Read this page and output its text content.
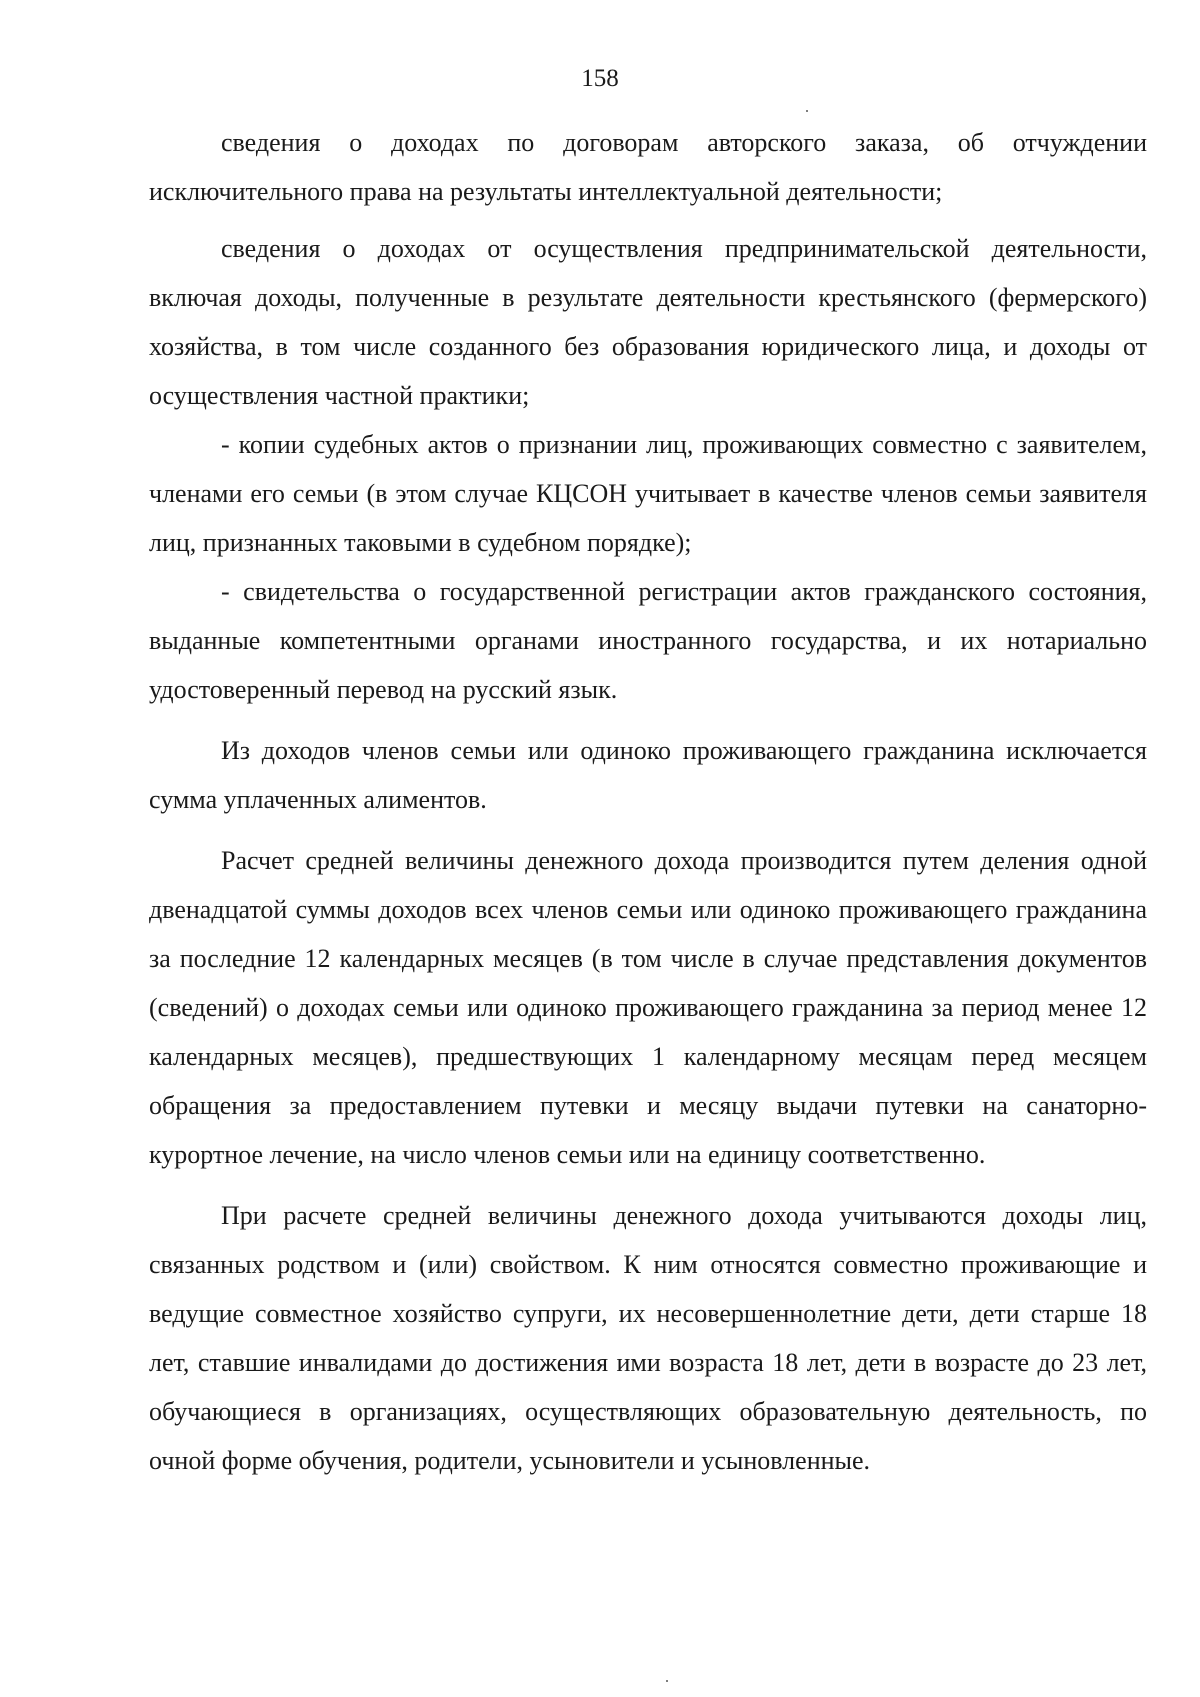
158

сведения о доходах по договорам авторского заказа, об отчуждении исключительного права на результаты интеллектуальной деятельности;

сведения о доходах от осуществления предпринимательской деятельности, включая доходы, полученные в результате деятельности крестьянского (фермерского) хозяйства, в том числе созданного без образования юридического лица, и доходы от осуществления частной практики;

- копии судебных актов о признании лиц, проживающих совместно с заявителем, членами его семьи (в этом случае КЦСОН учитывает в качестве членов семьи заявителя лиц, признанных таковыми в судебном порядке);

- свидетельства о государственной регистрации актов гражданского состояния, выданные компетентными органами иностранного государства, и их нотариально удостоверенный перевод на русский язык.

Из доходов членов семьи или одиноко проживающего гражданина исключается сумма уплаченных алиментов.

Расчет средней величины денежного дохода производится путем деления одной двенадцатой суммы доходов всех членов семьи или одиноко проживающего гражданина за последние 12 календарных месяцев (в том числе в случае представления документов (сведений) о доходах семьи или одиноко проживающего гражданина за период менее 12 календарных месяцев), предшествующих 1 календарному месяцам перед месяцем обращения за предоставлением путевки и месяцу выдачи путевки на санаторно-курортное лечение, на число членов семьи или на единицу соответственно.

При расчете средней величины денежного дохода учитываются доходы лиц, связанных родством и (или) свойством. К ним относятся совместно проживающие и ведущие совместное хозяйство супруги, их несовершеннолетние дети, дети старше 18 лет, ставшие инвалидами до достижения ими возраста 18 лет, дети в возрасте до 23 лет, обучающиеся в организациях, осуществляющих образовательную деятельность, по очной форме обучения, родители, усыновители и усыновленные.
